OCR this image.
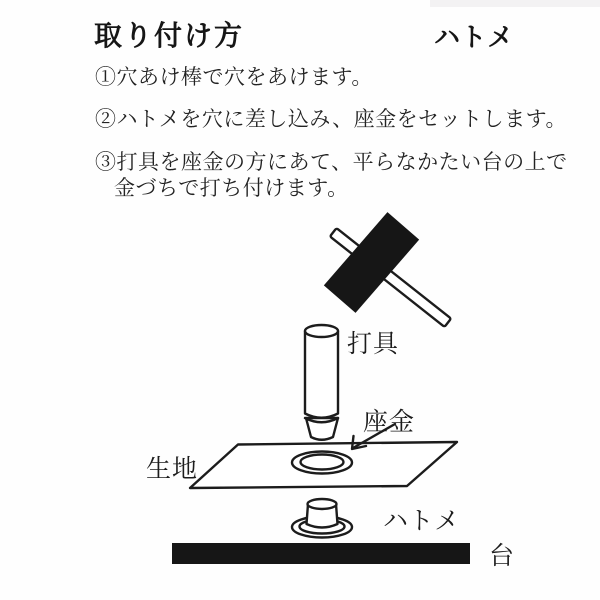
取り付け方	ハトメ
①穴あけ棒で穴をあけます。
②ハトメを穴に差し込み、座金をセットします。
③打具を座金の方にあて、平らなかたい台の上で
金づちで打ち付けます。
打具
生地
座金
ハトメ
台
